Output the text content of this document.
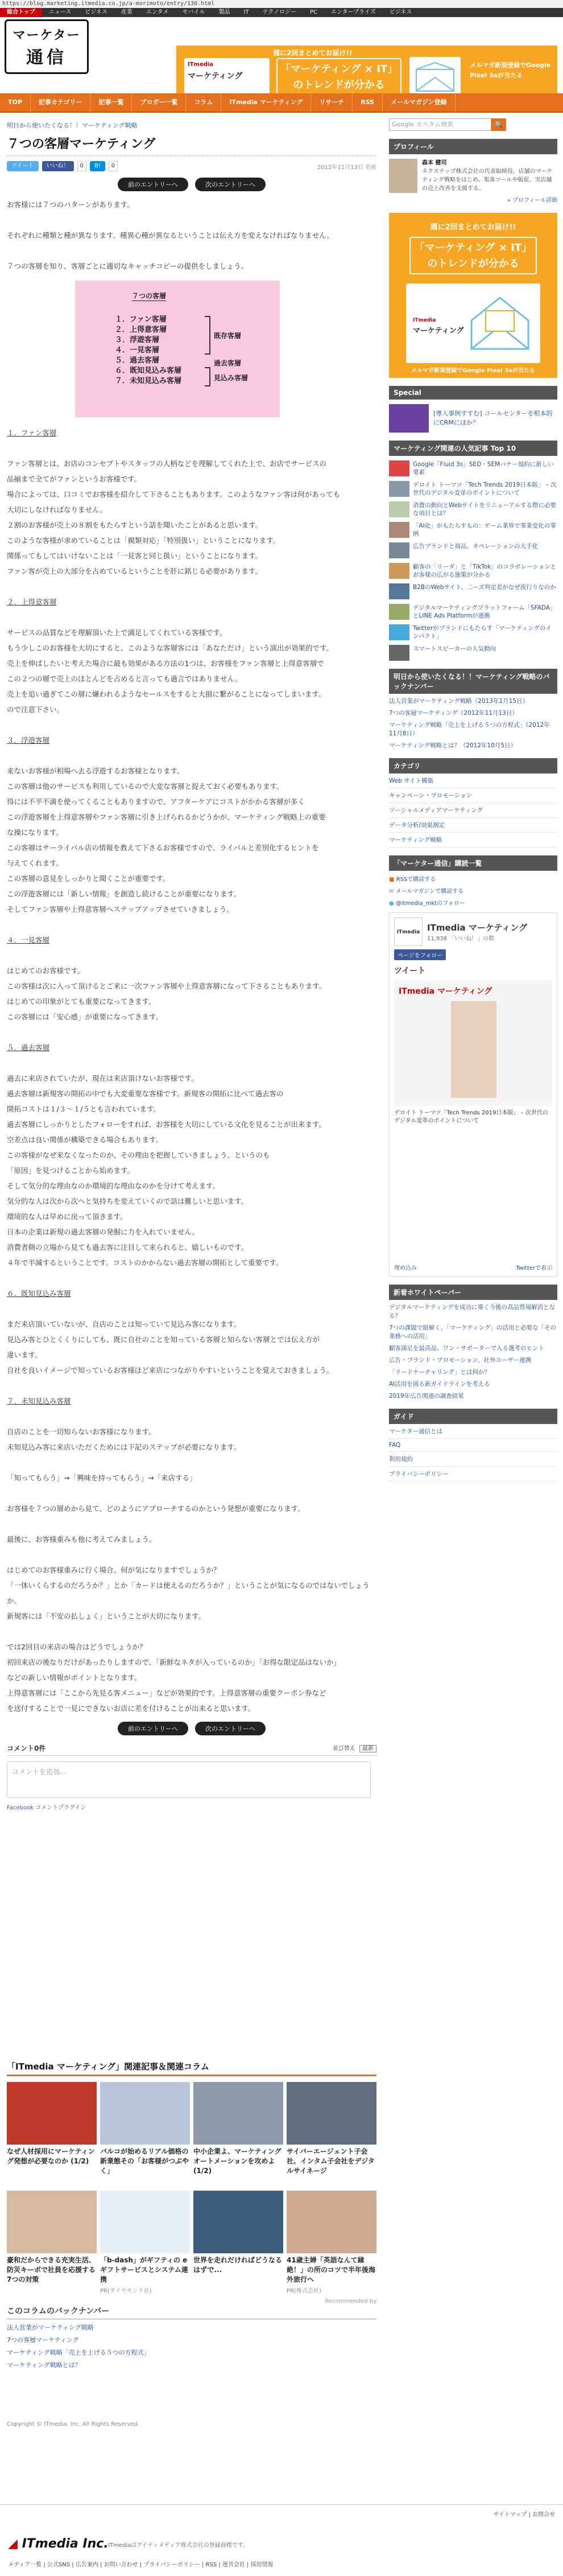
https://blog.marketing.itmedia.co.jp/a-morimoto/entry/130.html
総合トップ	ニュース	ビジネス	産業	エンタメ	モバイル	製品	IT	テクノロジー	PC	エンタープライズ	ビジネス
マーケター
通信	週に2回まとめてお届け!!
ITmedia
マーケティング
「マーケティング × IT」のトレンドが分かる
メルマガ新規登録でGoogle Pixel 3aが当たる
TOP	記事カテゴリー	記事一覧	ブロガー一覧	コラム	ITmedia マーケティング	リサーチ	RSS	メールマガジン登録
明日から使いたくなる！！マーケティング戦略
７つの客層マーケティング
ツイート	いいね！	0	B!	0	2012年11月13日 更新
前のエントリーへ	次のエントリーへ

お客様には７つのパターンがあります。

それぞれに種類と種が異なります。種異心種が異なるということは伝え方を変えなければなりません。

７つの客層を知り、客層ごとに適切なキャッチコピーの提供をしましょう。

７つの客層
１．ファン客層
２．上得意客層
３．浮遊客層
４．一見客層
５．過去客層
６．既知見込み客層
７．未知見込み客層
既存客層
過去客層
見込み客層

１．ファン客層

ファン客層とは、お店のコンセプトやスタッフの人柄などを理解してくれた上で、お店でサービスの

品揃まで全てがファンというお客様です。

場合によっては、口コミでお客様を紹介して下さることもあります。このようなファン客は何があっても

大切にしなければなりません。

２割のお客様が売上の８割をもたらすという話を聞いたことがあると思います。

このような客様が求めていることは「親類対応」「特別扱い」ということになります。

関係ってもしてはいけないことは「一見客と同じ扱い」ということになります。

ファン客が売上の大部分を占めているということを肝に銘じる必要があります。

２．上得意客層

サービスの品質などを理解頂いた上で満足してくれている客様です。

もう少しこのお客様を大切にすると、このような客層客には「あなただけ」という演出が効果的です。

売上を伸ばしたいと考えた場合に最も効果がある方法の1つは、お客様をファン客層と上得意客層で

この２つの層で売上のほとんどを占めると言っても過言ではありません。

売上を追い過ぎてこの層に嫌われるようなセールスをすると大損に繋がることになってしまいます。

ので注意下さい。

３．浮遊客層

来ないお客様が相場へ去る浮遊するお客様となります。

この客層は他のサービスも利用しているので大変な客層と捉えておく必要もあります。

得には不平不満を使ってくることもありますので、アフターケアにコストがかかる客層が多く

この浮遊客層を上得意客層やファン客層に引き上げられるかどうかが、マーケティング戦略上の重要

な操になります。

この客層はサーライバル店の情報を教えて下さるお客様ですので、ライバルと差別化するヒントを

与えてくれます。

この客層の意見をしっかりと聞くことが重要です。

この浮遊客層には「新しい情報」を創造し続けることが重要になります。

そしてファン客層や上得意客層へステップアップさせていきましょう。

４．一見客層

はじめてのお客様です。

この客様は次に入って頂けるとご来に一次ファン客層や上得意客層になって下さることもあります。

はじめての印象がとても重要になってきます。

この客層には「安心感」が重要になってきます。

５．過去客層

過去に来店されていたが、現在は来店頂けないお客様です。

過去客層は新規客の開拓の中でも大変重要な客様です。新規客の開拓に比べて過去客の

開拓コストは１/３〜１/５とも言われています。

過去客層にしっかりとしたフォローをすれば、お客様を大切にしている文化を見ることが出来ます。

空差点は良い関係が構築できる場合もあります。

この客様がなぜ来なくなったのか、その理由を把握していきましょう。というのも

「原因」を見つけることから始めます。

そして気分的な理由なのか環境的な理由なのかを分けて考えます。

気分的な人は次から次へと気持ちを変えていくので話は難しいと思います。

環境的な人は早めに戻って頂きます。

日本の企業は新規の過去客層の発掘に力を入れていません。

消費者側の立場から見ても過去客に注目して来られると、嬉しいものです。

４年で半減するということです。コストのかからない過去客層の開拓として重要です。

６．既知見込み客層

まだ来店頂いていないが、自店のことは知っていて見込み客になります。

見込み客とひとくくりにしても、既に自社のことを知っている客層と知らない客層とでは伝え方が

違います。

自社を良いイメージで知っているお客様ほど来店につながりやすいということを覚えておきましょう。

７．未知見込み客層

自店のことを一切知らないお客様になります。

未知見込み客に来店いただくためには下記のステップが必要になります。

「知ってもらう」→「興味を持ってもらう」→「来店する」

お客様を７つの層めから見て、どのようにアプローチするのかという発想が重要になります。

最後に、お客様重みも他に考えてみましょう。

はじめてのお客様重みに行く場合、何が気になりますでしょうか？

「一体いくらするのだろうか？」とか「カードは使えるのだろうか？」ということが気になるのではないでしょうか。

新規客には「不安の払しょく」ということが大切になります。

では2回目の来店の場合はどうでしょうか？

初回来店の後なりだけがあったりしますので、「新鮮なネタが入っているのか」「お得な限定品はないか」

などの新しい情報がポイントとなります。

上得意客層には「ここから先見る客メニュー」などが効果的です。上得意客層の重要クーポン券など

を送付することで一見にできないお店に差を付けることが出来ると思います。

前のエントリーへ	次のエントリーへ
コメント0件	並び替え 最新
コメントを追加...
Facebook コメントプラグイン
「ITmedia マーケティング」関連記事＆関連コラム
なぜ人材採用にマーケティング発想が必要なのか (1/2)
バルコが始めるリアル価格の新業態その「お客様がつぶやく」
中小企業よ、マーケティングオートメーションを攻めよ (1/2)
サイバーエージェント子会社、インタム子会社をデジタルサイネージ
豪和だからできる充実生活、防災キーボで社員を応援する7つの対策
「b-dash」がギフティの eギフトサービスとシステム連携
PR(ダイヤモンド社)
世界を走れだければどうなるはずで...
41歳主婦「英語なんて縁絶！」の所のコツで半年後海外旅行へ
PR(株式会社)
Recommended by
このコラムのバックナンバー
法人営業がマーケティング戦略
7つの客層マーケティング
マーケティング戦略「売上を上げる５つの方程式」
マーケティング戦略とは？
Copyright © ITmedia, Inc. All Rights Reserved.
サイトマップ | お問合せ
◢ ITmedia Inc. ITmediaはアイティメディア株式会社の登録商標です。
メディア一覧 | 公式SNS | 広告案内 | お問い合わせ | プライバシーポリシー | RSS | 運営会社 | 採用情報
Google カスタム検索	🔍
プロフィール
森本 健司
ネクステップ株式会社の代表取締役。店舗のマーケティング戦略をはじめ、集客ツールや販促、実店舗の売上改善を支援する。
» プロフィール詳細
週に2回まとめてお届け!!
「マーケティング × IT」のトレンドが分かる
ITmedia
マーケティング
メルマガ新規登録でGoogle Pixel 3aが当たる
Special
[導入事例すすむ] コールセンターを根本的にCRMにほか？
マーケティング関連の人気記事 Top 10
Google「Fluid 3s」SEO・SEMバナー規約に新しい要素
デロイト トーマツ「Tech Trends 2019日本版」 – 次世代のデジタル変革のポイントについて
消費の動向とWebサイトをリニューアルする際に必要な項目とは？
「AI化」がもたらすもの：ゲーム業界で事業変化の事例
広告ブランドと商品、オペレーションの大手化
顧客の「リーダ」と「TikTok」のコラボレーションとお客様の広がる施策が分かる
B2BのWebサイト、二ーズ判定差がなぜ流行りなのか
デジタルマーケティングプラットフォーム「SFADA」とLINE Ads Platformが連携
Twitterがブランドにもたらす「マーケティングのインパクト」
スマートスピーカーの人気動向
明日から使いたくなる！！マーケティング戦略のバックナンバー
法人営業がマーケティング戦略（2013年1月15日）
7つの客層マーケティング（2012年11月13日）
マーケティング戦略「売上を上げる５つの方程式」（2012年11月8日）
マーケティング戦略とは？（2012年10月5日）
カテゴリ
Web サイト構築
キャンペーン・プロモーション
ソーシャルメディアマーケティング
データ分析/効果測定
マーケティング戦略
「マーケター通信」購読一覧
■ RSSで購読する
✉ メールマガジンで購読する
● @itmedia_mktのフォロー
ITmedia ITmedia マーケティング
11,938 「いいね！」の数
ページをフォロー
ツイート
ITmedia マーケティング
デロイト トーマツ「Tech Trends 2019日本版」 – 次世代のデジタル変革のポイントについて
埋め込み	Twitterで表示
新着ホワイトペーパー
デジタルマーケティングを成功に導く今後の高品質場解消となる？
7つの課題で紐解く、「マーケティング」の活用と必要な「その業務への活用」
顧客満足を最高品、ワン・サポーターで入る選考のヒント
広告・ブランド・プロモーション、社外ユーザー連携
「リードナーチャリング」とは何か？
AI活用を図る新ガイドラインを考える
2019年広告関連の調査結果
ガイド
マーケター通信とは
FAQ
利用規約
プライバシーポリシー
